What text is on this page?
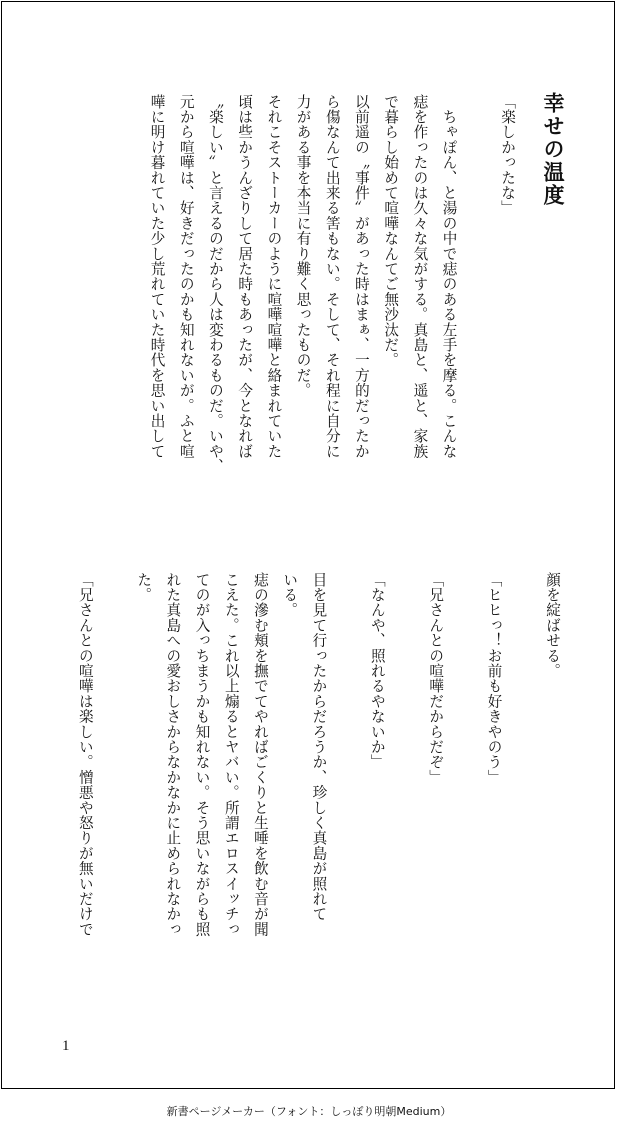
幸せの温度

「楽しかったな」

　ちゃぽん、と湯の中で痣のある左手を摩る。こんな
痣を作ったのは久々な気がする。真島と、遥と、家族
で暮らし始めて喧嘩なんてご無沙汰だ。
以前遥の〝事件〟があった時はまぁ、一方的だったか
ら傷なんて出来る筈もない。そして、それ程に自分に
力がある事を本当に有り難く思ったものだ。
それこそストーカーのように喧嘩喧嘩と絡まれていた
頃は些かうんざりして居た時もあったが、今となれば
〝楽しい〟と言えるのだから人は変わるものだ。いや、
元から喧嘩は、好きだったのかも知れないが。ふと喧
嘩に明け暮れていた少し荒れていた時代を思い出して

顔を綻ばせる。

「ヒヒっ！お前も好きやのう」

「兄さんとの喧嘩だからだぞ」

「なんや、照れるやないか」

目を見て行ったからだろうか、珍しく真島が照れて
いる。
痣の滲む頬を撫でてやればごくりと生唾を飲む音が聞
こえた。これ以上煽るとヤバい。所謂エロスイッチっ
てのが入っちまうかも知れない。そう思いながらも照
れた真島への愛おしさからなかなかに止められなかっ
た。

「兄さんとの喧嘩は楽しい。憎悪や怒りが無いだけで

1
新書ページメーカー（フォント：しっぽり明朝Medium）
